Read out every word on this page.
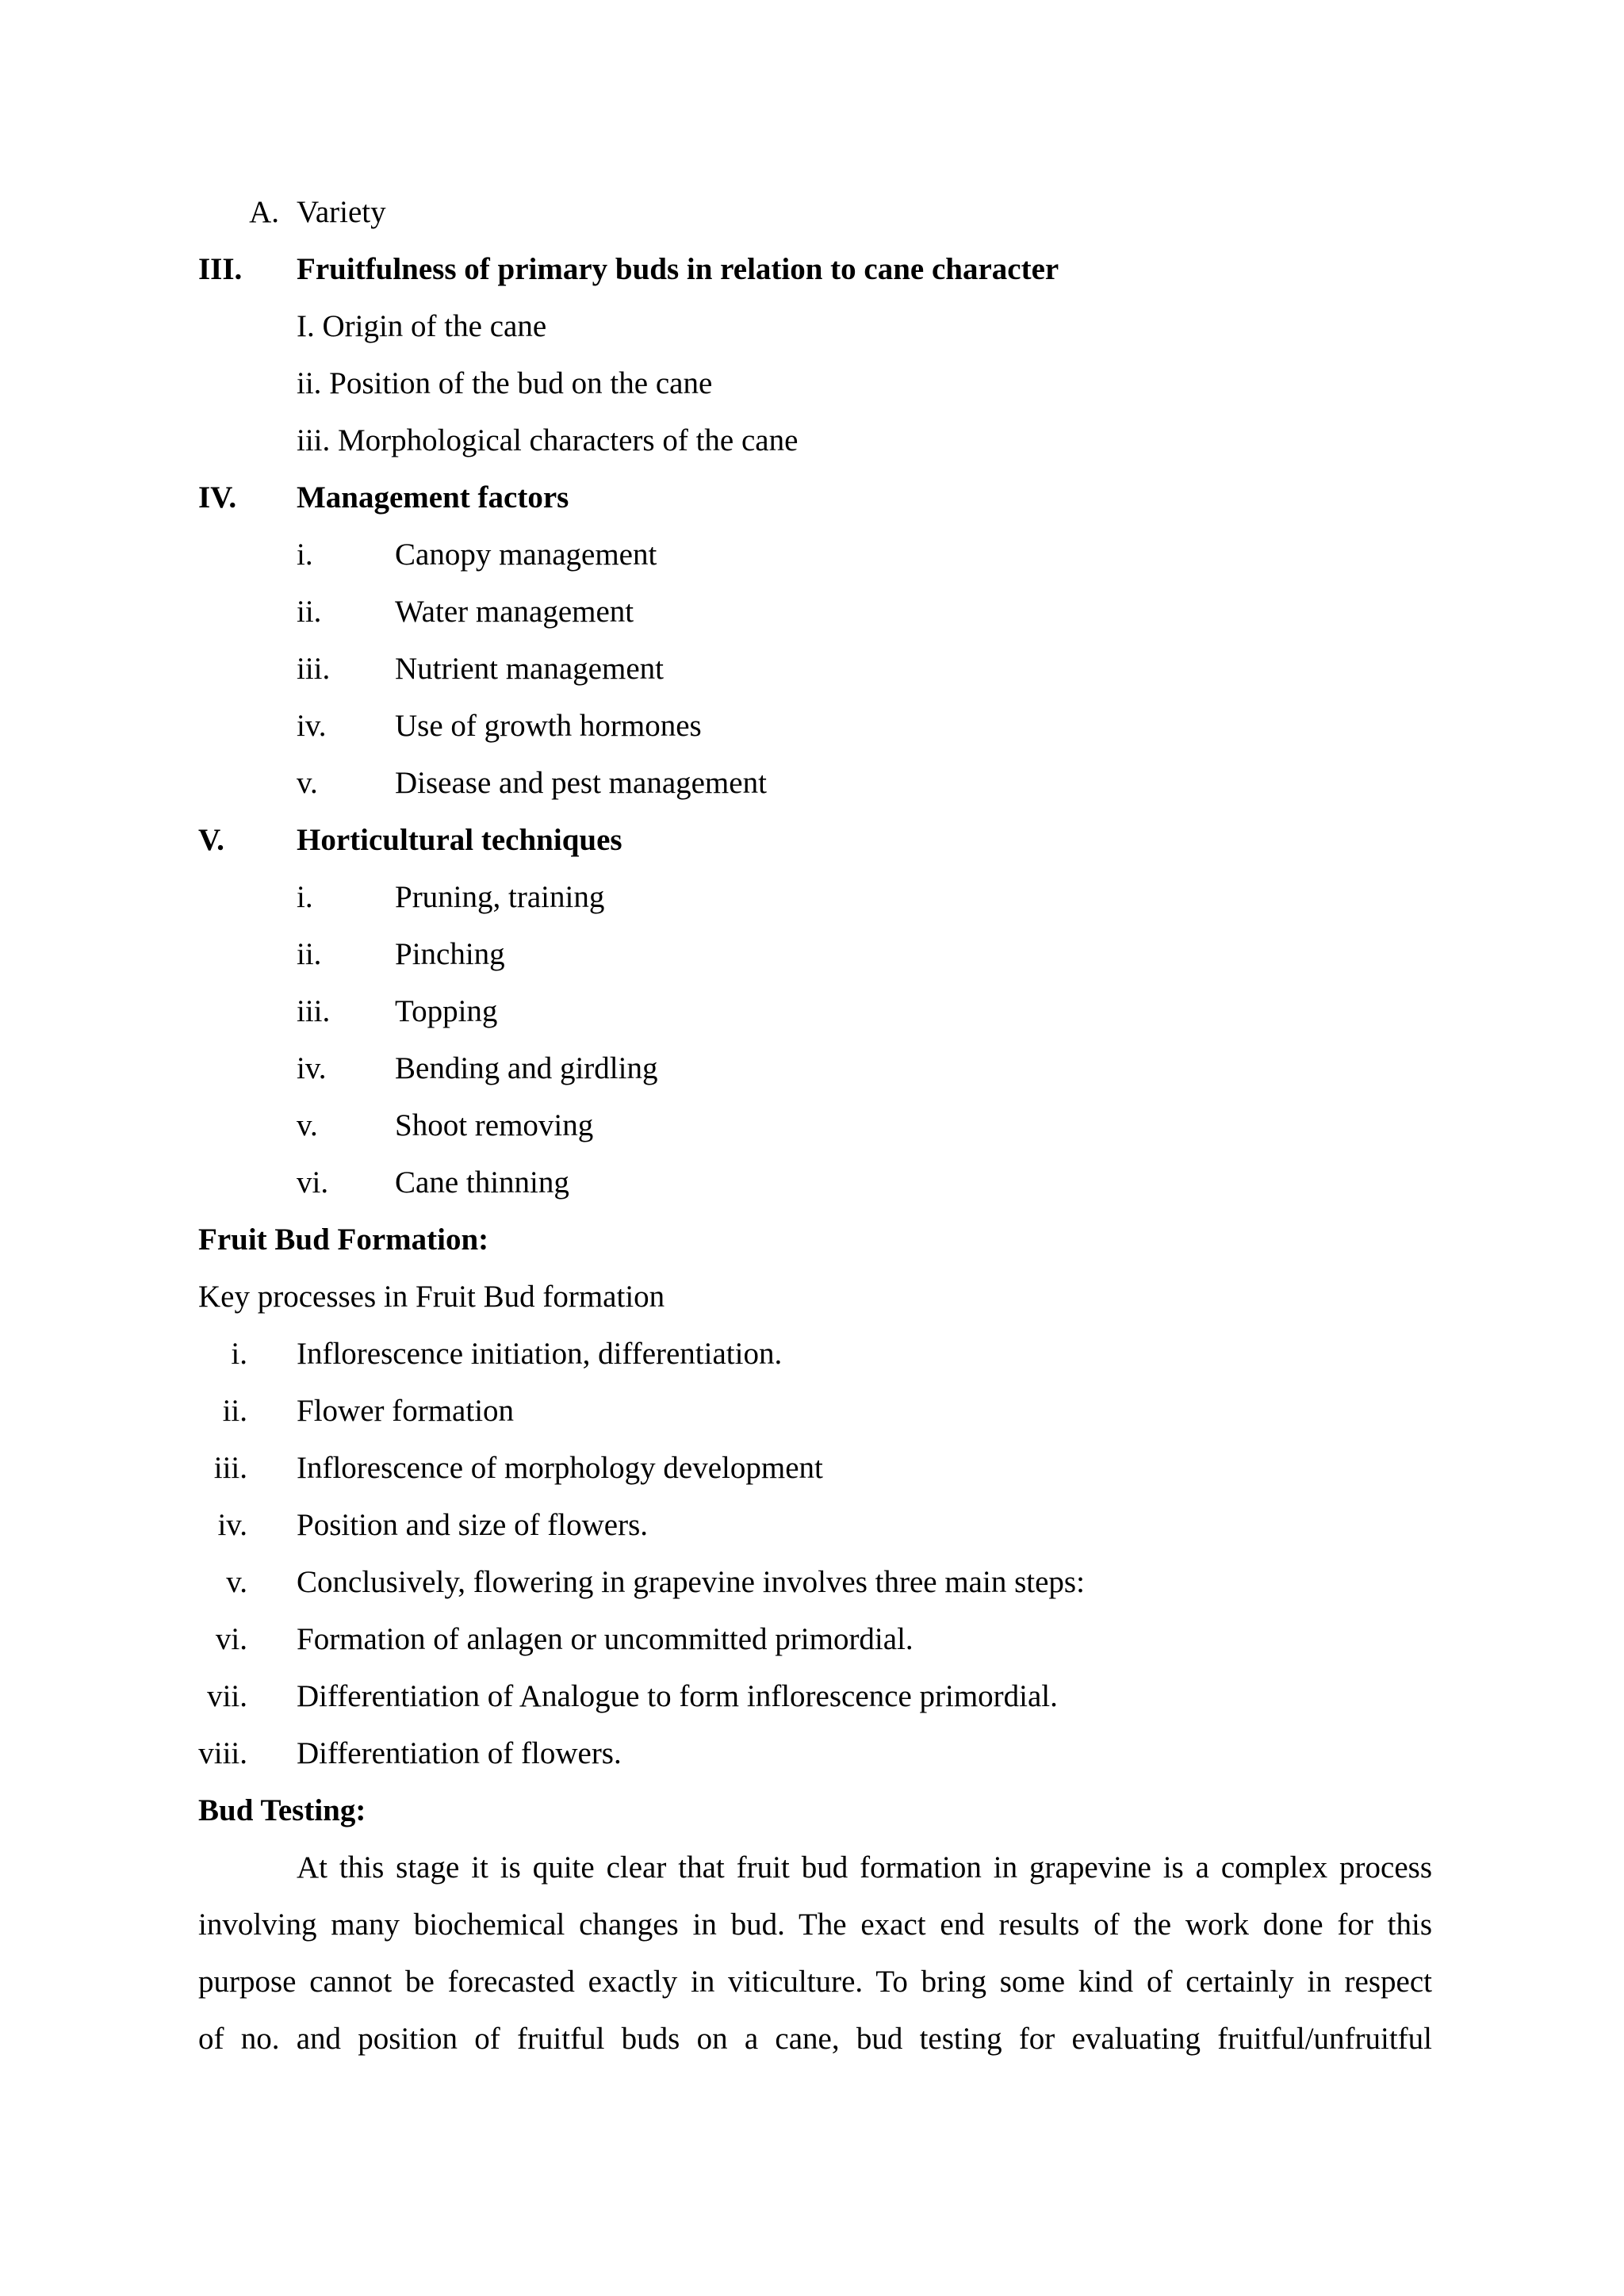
A. Variety
III. Fruitfulness of primary buds in relation to cane character
I. Origin of the cane
ii. Position of the bud on the cane
iii. Morphological characters of the cane
IV. Management factors
i.	Canopy management
ii. Water management
iii. Nutrient management
iv. Use of growth hormones
v. Disease and pest management
V. Horticultural techniques
i.	Pruning, training
ii. Pinching
iii. Topping
iv. Bending and girdling
v. Shoot removing
vi. Cane thinning
Fruit Bud Formation:
Key processes in Fruit Bud formation
i. Inflorescence initiation, differentiation.
ii. Flower formation
iii. Inflorescence of morphology development
iv. Position and size of flowers.
v. Conclusively, flowering in grapevine involves three main steps:
vi. Formation of anlagen or uncommitted primordial.
vii. Differentiation of Analogue to form inflorescence primordial.
viii. Differentiation of flowers.
Bud Testing:
At this stage it is quite clear that fruit bud formation in grapevine is a complex process
involving many biochemical changes in bud. The exact end results of the work done for this
purpose cannot be forecasted exactly in viticulture. To bring some kind of certainly in respect
of no. and position of fruitful buds on a cane, bud testing for evaluating fruitful/unfruitful
